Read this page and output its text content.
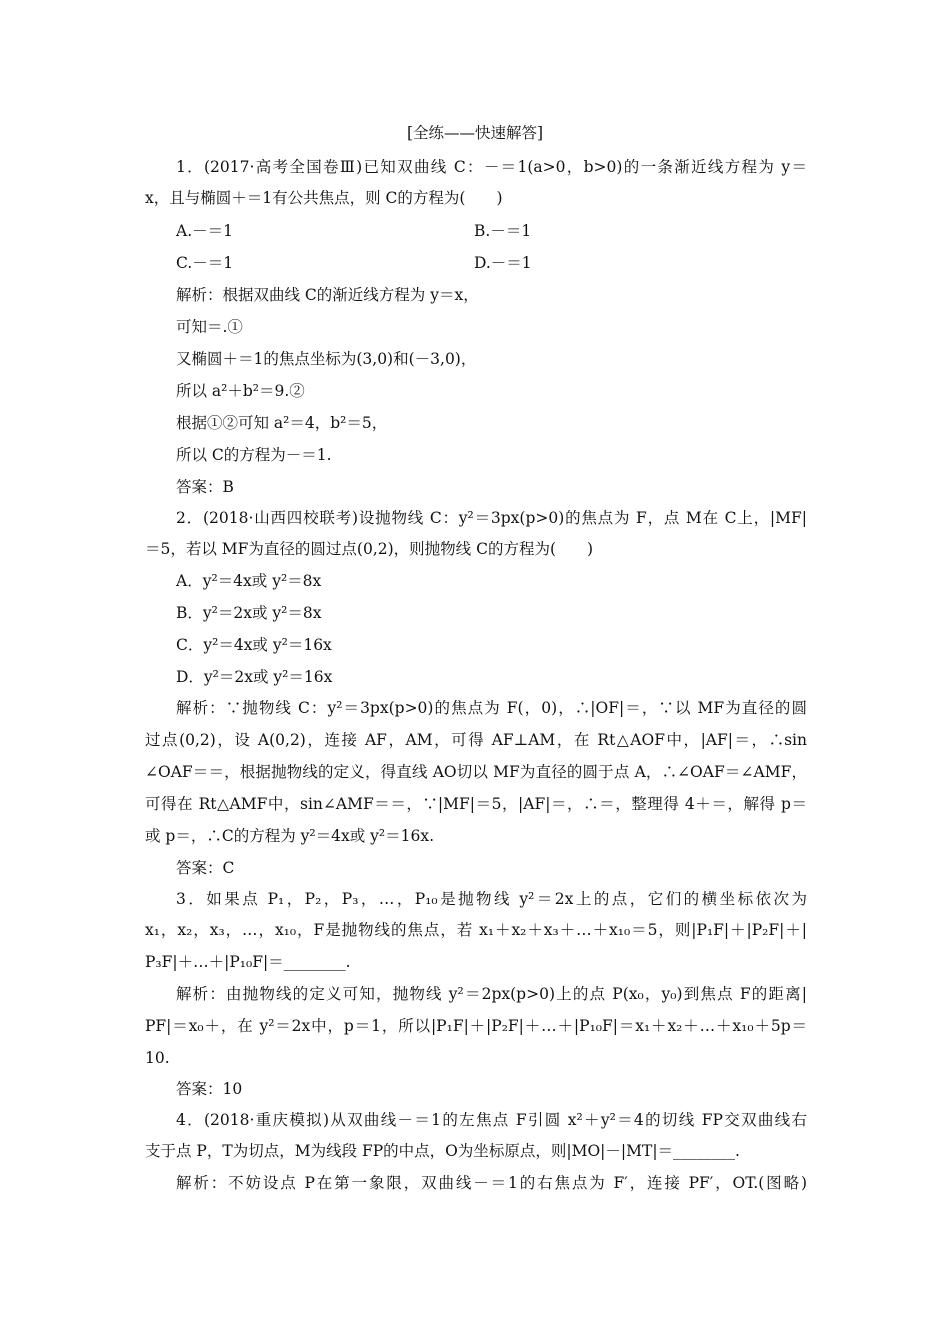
[全练——快速解答]
1．(2017·高考全国卷Ⅲ)已知双曲线 C：－＝1(a>0，b>0)的一条渐近线方程为 y＝
x，且与椭圆＋＝1有公共焦点，则 C的方程为(　　)
A.－＝1	B.－＝1
C.－＝1	D.－＝1
解析：根据双曲线 C的渐近线方程为 y＝x，
可知＝.①
又椭圆＋＝1的焦点坐标为(3,0)和(－3,0)，
所以 a²＋b²＝9.②
根据①②可知 a²＝4，b²＝5，
所以 C的方程为－＝1.
答案：B
2．(2018·山西四校联考)设抛物线 C：y²＝3px(p>0)的焦点为 F，点 M在 C上，|MF|
＝5，若以 MF为直径的圆过点(0,2)，则抛物线 C的方程为(　　)
A．y²＝4x或 y²＝8x
B．y²＝2x或 y²＝8x
C．y²＝4x或 y²＝16x
D．y²＝2x或 y²＝16x
解析：∵抛物线 C：y²＝3px(p>0)的焦点为 F(，0)，∴|OF|＝，∵以 MF为直径的圆
过点(0,2)，设 A(0,2)，连接 AF，AM，可得 AF⊥AM，在 Rt△AOF中，|AF|＝，∴sin
∠OAF＝＝，根据抛物线的定义，得直线 AO切以 MF为直径的圆于点 A，∴∠OAF＝∠AMF，
可得在 Rt△AMF中，sin∠AMF＝＝，∵|MF|＝5，|AF|＝，∴＝，整理得 4＋＝，解得 p＝
或 p＝，∴C的方程为 y²＝4x或 y²＝16x.
答案：C
3．如果点 P₁，P₂，P₃，…，P₁₀是抛物线 y²＝2x上的点，它们的横坐标依次为
x₁，x₂，x₃，…，x₁₀，F是抛物线的焦点，若 x₁＋x₂＋x₃＋…＋x₁₀＝5，则|P₁F|＋|P₂F|＋|
P₃F|＋…＋|P₁₀F|＝________.
解析：由抛物线的定义可知，抛物线 y²＝2px(p>0)上的点 P(x₀，y₀)到焦点 F的距离|
PF|＝x₀＋，在 y²＝2x中，p＝1，所以|P₁F|＋|P₂F|＋…＋|P₁₀F|＝x₁＋x₂＋…＋x₁₀＋5p＝
10.
答案：10
4．(2018·重庆模拟)从双曲线－＝1的左焦点 F引圆 x²＋y²＝4的切线 FP交双曲线右
支于点 P，T为切点，M为线段 FP的中点，O为坐标原点，则|MO|－|MT|＝________.
解析：不妨设点 P在第一象限，双曲线－＝1的右焦点为 F′，连接 PF′，OT.(图略)
